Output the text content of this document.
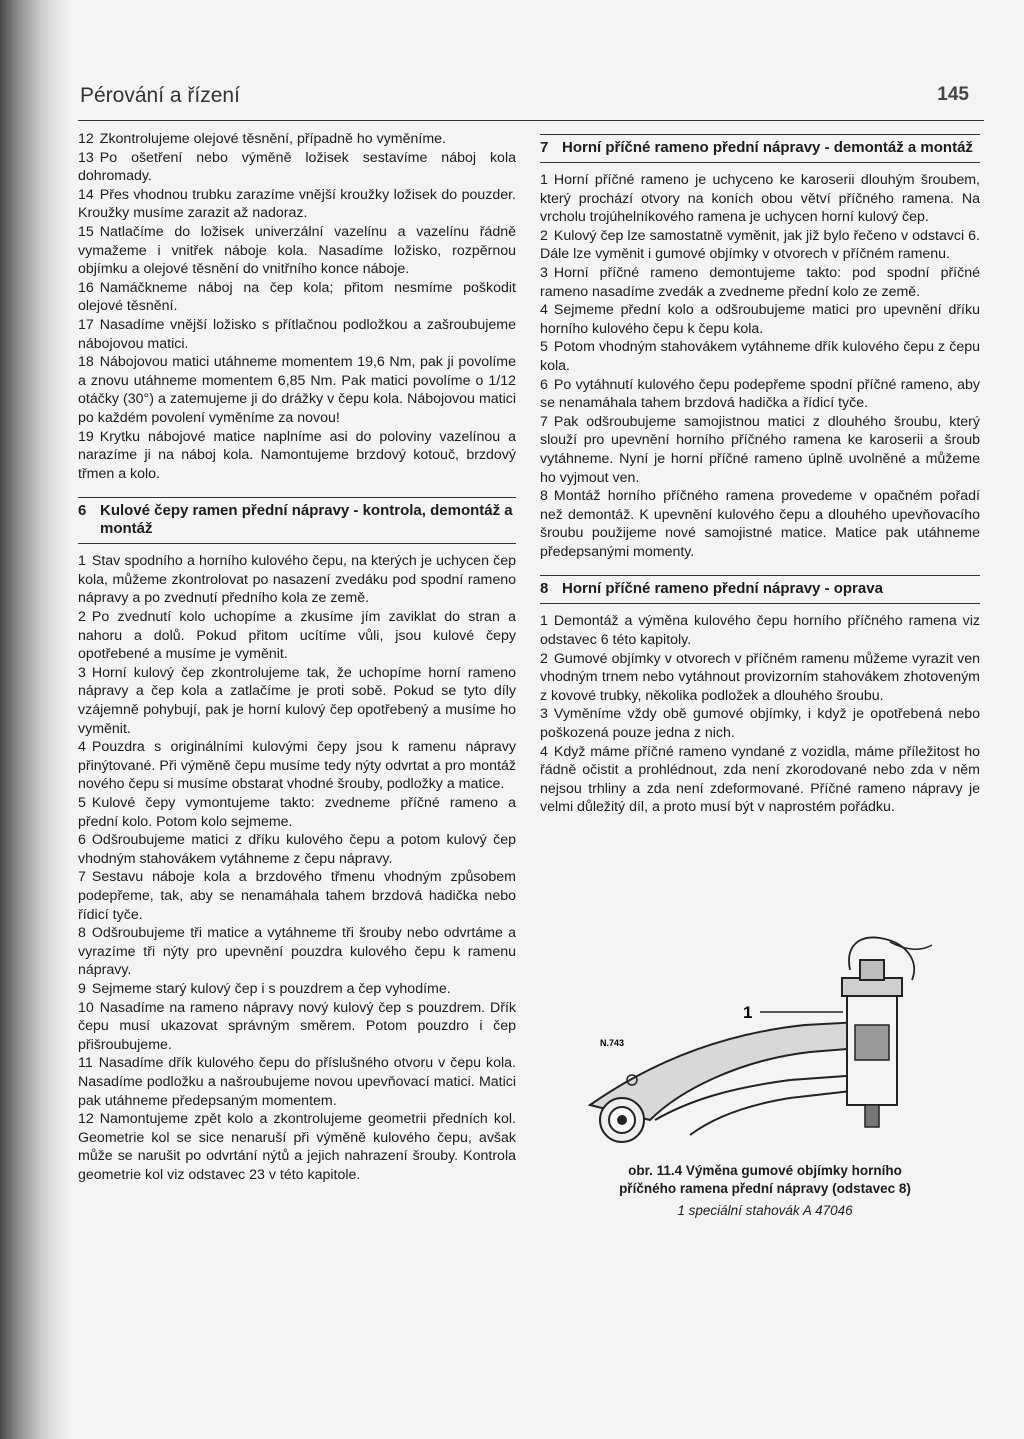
Pérování a řízení	145

12 Zkontrolujeme olejové těsnění, případně ho vyměníme.

13 Po ošetření nebo výměně ložisek sestavíme náboj kola dohromady.

14 Přes vhodnou trubku zarazíme vnější kroužky ložisek do pouzder. Kroužky musíme zarazit až nadoraz.

15 Natlačíme do ložisek univerzální vazelínu a vazelínu řádně vymažeme i vnitřek náboje kola. Nasadíme ložisko, rozpěrnou objímku a olejové těsnění do vnitřního konce náboje.

16 Namáčkneme náboj na čep kola; přitom nesmíme poškodit olejové těsnění.

17 Nasadíme vnější ložisko s přítlačnou podložkou a zašroubujeme nábojovou matici.

18 Nábojovou matici utáhneme momentem 19,6 Nm, pak ji povolíme a znovu utáhneme momentem 6,85 Nm. Pak matici povolíme o 1/12 otáčky (30°) a zatemujeme ji do drážky v čepu kola. Nábojovou matici po každém povolení vyměníme za novou!

19 Krytku nábojové matice naplníme asi do poloviny vazelínou a narazíme ji na náboj kola. Namontujeme brzdový kotouč, brzdový třmen a kolo.

6 Kulové čepy ramen přední nápravy - kontrola, demontáž a montáž

1 Stav spodního a horního kulového čepu, na kterých je uchycen čep kola, můžeme zkontrolovat po nasazení zvedáku pod spodní rameno nápravy a po zvednutí předního kola ze země.

2 Po zvednutí kolo uchopíme a zkusíme jím zaviklat do stran a nahoru a dolů. Pokud přitom ucítíme vůli, jsou kulové čepy opotřebené a musíme je vyměnit.

3 Horní kulový čep zkontrolujeme tak, že uchopíme horní rameno nápravy a čep kola a zatlačíme je proti sobě. Pokud se tyto díly vzájemně pohybují, pak je horní kulový čep opotřebený a musíme ho vyměnit.

4 Pouzdra s originálními kulovými čepy jsou k ramenu nápravy přinýtované. Při výměně čepu musíme tedy nýty odvrtat a pro montáž nového čepu si musíme obstarat vhodné šrouby, podložky a matice.

5 Kulové čepy vymontujeme takto: zvedneme příčné rameno a přední kolo. Potom kolo sejmeme.

6 Odšroubujeme matici z dříku kulového čepu a potom kulový čep vhodným stahovákem vytáhneme z čepu nápravy.

7 Sestavu náboje kola a brzdového třmenu vhodným způsobem podepřeme, tak, aby se nenamáhala tahem brzdová hadička nebo řídicí tyče.

8 Odšroubujeme tři matice a vytáhneme tři šrouby nebo odvrtáme a vyrazíme tři nýty pro upevnění pouzdra kulového čepu k ramenu nápravy.

9 Sejmeme starý kulový čep i s pouzdrem a čep vyhodíme.

10 Nasadíme na rameno nápravy nový kulový čep s pouzdrem. Dřík čepu musí ukazovat správným směrem. Potom pouzdro i čep přišroubujeme.

11 Nasadíme dřík kulového čepu do příslušného otvoru v čepu kola. Nasadíme podložku a našroubujeme novou upevňovací matici. Matici pak utáhneme předepsaným momentem.

12 Namontujeme zpět kolo a zkontrolujeme geometrii předních kol. Geometrie kol se sice nenaruší při výměně kulového čepu, avšak může se narušit po odvrtání nýtů a jejich nahrazení šrouby. Kontrola geometrie kol viz odstavec 23 v této kapitole.

7 Horní příčné rameno přední nápravy - demontáž a montáž

1 Horní příčné rameno je uchyceno ke karoserii dlouhým šroubem, který prochází otvory na koních obou větví příčného ramena. Na vrcholu trojúhelníkového ramena je uchycen horní kulový čep.

2 Kulový čep lze samostatně vyměnit, jak již bylo řečeno v odstavci 6. Dále lze vyměnit i gumové objímky v otvorech v příčném ramenu.

3 Horní příčné rameno demontujeme takto: pod spodní příčné rameno nasadíme zvedák a zvedneme přední kolo ze země.

4 Sejmeme přední kolo a odšroubujeme matici pro upevnění dříku horního kulového čepu k čepu kola.

5 Potom vhodným stahovákem vytáhneme dřík kulového čepu z čepu kola.

6 Po vytáhnutí kulového čepu podepřeme spodní příčné rameno, aby se nenamáhala tahem brzdová hadička a řídicí tyče.

7 Pak odšroubujeme samojistnou matici z dlouhého šroubu, který slouží pro upevnění horního příčného ramena ke karoserii a šroub vytáhneme. Nyní je horní příčné rameno úplně uvolněné a můžeme ho vyjmout ven.

8 Montáž horního příčného ramena provedeme v opačném pořadí než demontáž. K upevnění kulového čepu a dlouhého upevňovacího šroubu použijeme nové samojistné matice. Matice pak utáhneme předepsanými momenty.

8 Horní příčné rameno přední nápravy - oprava

1 Demontáž a výměna kulového čepu horního příčného ramena viz odstavec 6 této kapitoly.

2 Gumové objímky v otvorech v příčném ramenu můžeme vyrazit ven vhodným trnem nebo vytáhnout provizorním stahovákem zhotoveným z kovové trubky, několika podložek a dlouhého šroubu.

3 Vyměníme vždy obě gumové objímky, i když je opotřebená nebo poškozená pouze jedna z nich.

4 Když máme příčné rameno vyndané z vozidla, máme příležitost ho řádně očistit a prohlédnout, zda není zkorodované nebo zda v něm nejsou trhliny a zda není zdeformované. Příčné rameno nápravy je velmi důležitý díl, a proto musí být v naprostém pořádku.

1
N.743
obr. 11.4 Výměna gumové objímky horního
příčného ramena přední nápravy (odstavec 8)
1 speciální stahovák A 47046
